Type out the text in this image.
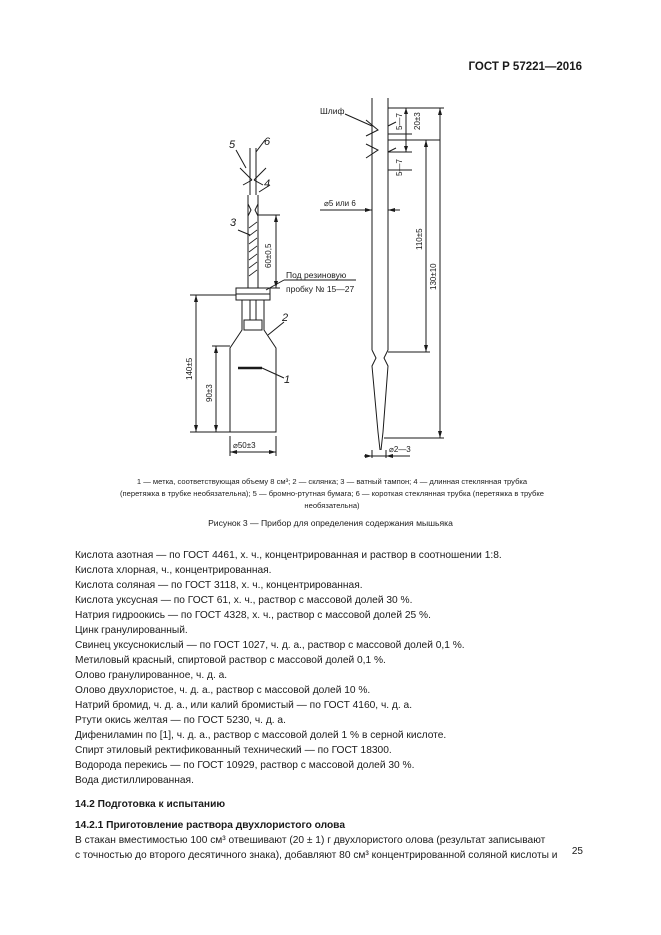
ГОСТ Р 57221—2016
5	6
4
3
2
1
Под резиновую
пробку № 15—27
60±0,5
140±5
90±3
⌀50±3
Шлиф
⌀5 или 6
5—7 20±3
5—7
110±5
130±10
⌀2—3
1 — метка, соответствующая объему 8 см³; 2 — склянка; 3 — ватный тампон; 4 — длинная стеклянная трубка
(перетяжка в трубке необязательна); 5 — бромно-ртутная бумага; 6 — короткая стеклянная трубка (перетяжка в трубке
необязательна)
Рисунок 3 — Прибор для определения содержания мышьяка
Кислота азотная — по ГОСТ 4461, х. ч., концентрированная и раствор в соотношении 1:8.
Кислота хлорная, ч., концентрированная.
Кислота соляная — по ГОСТ 3118, х. ч., концентрированная.
Кислота уксусная — по ГОСТ 61, х. ч., раствор с массовой долей 30 %.
Натрия гидроокись — по ГОСТ 4328, х. ч., раствор с массовой долей 25 %.
Цинк гранулированный.
Свинец уксуснокислый — по ГОСТ 1027, ч. д. а., раствор с массовой долей 0,1 %.
Метиловый красный, спиртовой раствор с массовой долей 0,1 %.
Олово гранулированное, ч. д. а.
Олово двухлористое, ч. д. а., раствор с массовой долей 10 %.
Натрий бромид, ч. д. а., или калий бромистый — по ГОСТ 4160, ч. д. а.
Ртути окись желтая — по ГОСТ 5230, ч. д. а.
Дифениламин по [1], ч. д. а., раствор с массовой долей 1 % в серной кислоте.
Спирт этиловый ректификованный технический — по ГОСТ 18300.
Водорода перекись — по ГОСТ 10929, раствор с массовой долей 30 %.
Вода дистиллированная.
14.2 Подготовка к испытанию
14.2.1 Приготовление раствора двухлористого олова
В стакан вместимостью 100 см³ отвешивают (20 ± 1) г двухлористого олова (результат записывают
с точностью до второго десятичного знака), добавляют 80 см³ концентрированной соляной кислоты и	25
